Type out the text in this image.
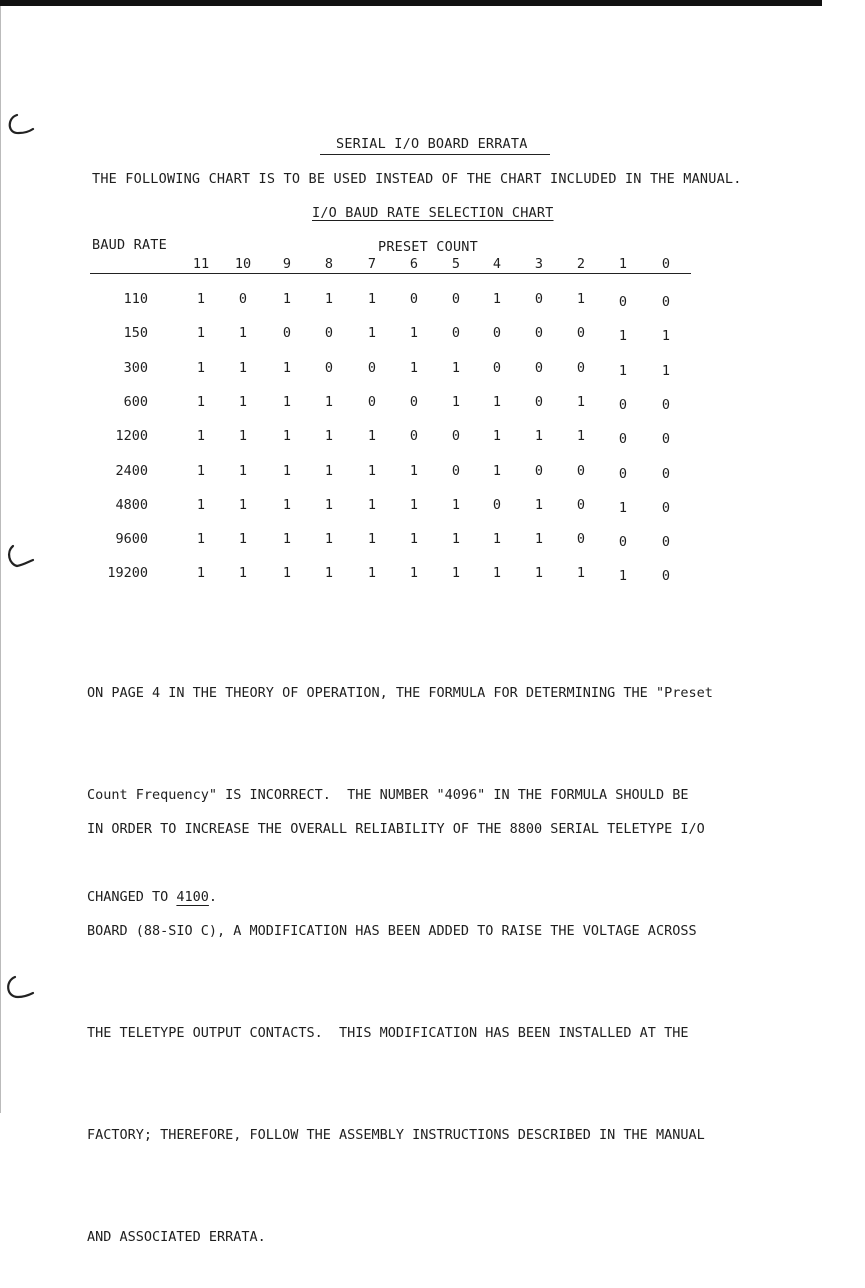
SERIAL I/O BOARD ERRATA
THE FOLLOWING CHART IS TO BE USED INSTEAD OF THE CHART INCLUDED IN THE MANUAL.
I/O BAUD RATE SELECTION CHART
BAUD RATE	PRESET COUNT
11 10 9	8	7	6	5 4	3	2	1	0
110	1	0	1	1	1	0	0 1	0	1	0	0
150	1	1	0	0	1	1	0 0	0	0	1	1
300	1	1	1	0	0	1	1 0	0	0	1	1
600	1	1	1	1	0	0	1 1	0	1	0	0
1200	1	1	1	1	1	0	0 1	1	1	0	0
2400	1	1	1	1	1	1	0 1	0	0	0	0
4800	1	1	1	1	1	1	1 0	1	0	1	0
9600	1	1	1	1	1	1	1 1	1	0	0	0
19200	1	1	1	1	1	1	1 1	1	1	1	0

ON PAGE 4 IN THE THEORY OF OPERATION, THE FORMULA FOR DETERMINING THE "Preset

Count Frequency" IS INCORRECT.  THE NUMBER "4096" IN THE FORMULA SHOULD BE

CHANGED TO 4100.

IN ORDER TO INCREASE THE OVERALL RELIABILITY OF THE 8800 SERIAL TELETYPE I/O

BOARD (88-SIO C), A MODIFICATION HAS BEEN ADDED TO RAISE THE VOLTAGE ACROSS

THE TELETYPE OUTPUT CONTACTS.  THIS MODIFICATION HAS BEEN INSTALLED AT THE

FACTORY; THEREFORE, FOLLOW THE ASSEMBLY INSTRUCTIONS DESCRIBED IN THE MANUAL

AND ASSOCIATED ERRATA.
